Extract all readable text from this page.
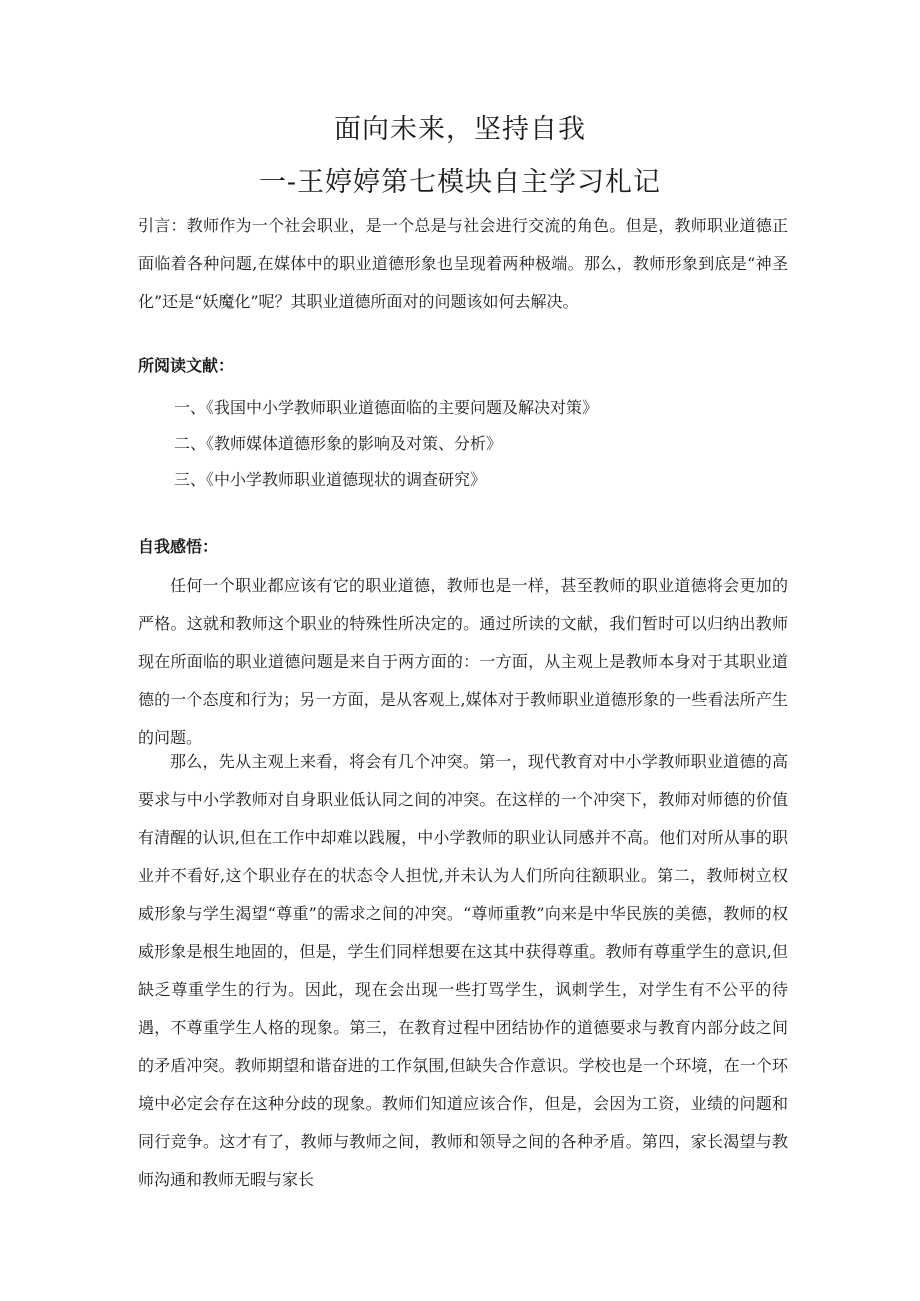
面向未来，坚持自我
一-王婷婷第七模块自主学习札记
引言：教师作为一个社会职业，是一个总是与社会进行交流的角色。但是，教师职业道德正面临着各种问题,在媒体中的职业道德形象也呈现着两种极端。那么，教师形象到底是“神圣化”还是“妖魔化”呢？其职业道德所面对的问题该如何去解决。
所阅读文献：
一、《我国中小学教师职业道德面临的主要问题及解决对策》
二、《教师媒体道德形象的影响及对策、分析》
三、《中小学教师职业道德现状的调查研究》
自我感悟：

任何一个职业都应该有它的职业道德，教师也是一样，甚至教师的职业道德将会更加的严格。这就和教师这个职业的特殊性所决定的。通过所读的文献，我们暂时可以归纳出教师现在所面临的职业道德问题是来自于两方面的：一方面，从主观上是教师本身对于其职业道德的一个态度和行为；另一方面，是从客观上,媒体对于教师职业道德形象的一些看法所产生的问题。

那么，先从主观上来看，将会有几个冲突。第一，现代教育对中小学教师职业道德的高要求与中小学教师对自身职业低认同之间的冲突。在这样的一个冲突下，教师对师德的价值有清醒的认识,但在工作中却难以践履，中小学教师的职业认同感并不高。他们对所从事的职业并不看好,这个职业存在的状态令人担忧,并未认为人们所向往额职业。第二，教师树立权威形象与学生渴望“尊重”的需求之间的冲突。“尊师重教”向来是中华民族的美德，教师的权威形象是根生地固的，但是，学生们同样想要在这其中获得尊重。教师有尊重学生的意识,但缺乏尊重学生的行为。因此，现在会出现一些打骂学生，讽刺学生，对学生有不公平的待遇，不尊重学生人格的现象。第三，在教育过程中团结协作的道德要求与教育内部分歧之间的矛盾冲突。教师期望和谐奋进的工作氛围,但缺失合作意识。学校也是一个环境，在一个环境中必定会存在这种分歧的现象。教师们知道应该合作，但是，会因为工资，业绩的问题和同行竞争。这才有了，教师与教师之间，教师和领导之间的各种矛盾。第四，家长渴望与教师沟通和教师无暇与家长
